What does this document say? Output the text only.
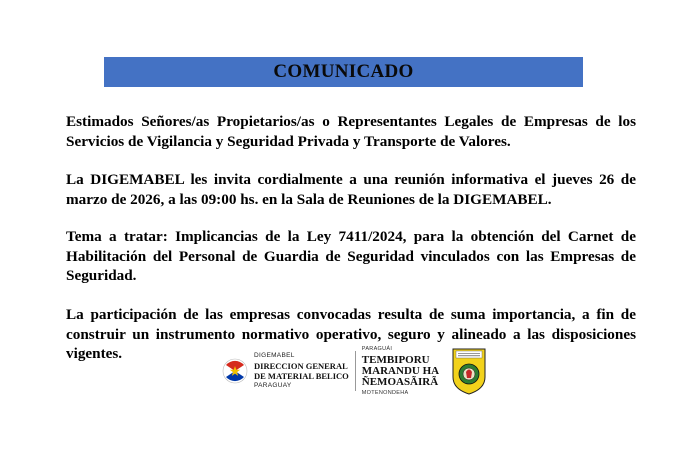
COMUNICADO

Estimados Señores/as Propietarios/as o Representantes Legales de Empresas de los Servicios de Vigilancia y Seguridad Privada y Transporte de Valores.

La DIGEMABEL les invita cordialmente a una reunión informativa el jueves 26 de marzo de 2026, a las 09:00 hs. en la Sala de Reuniones de la DIGEMABEL.

Tema a tratar: Implicancias de la Ley 7411/2024, para la obtención del Carnet de Habilitación del Personal de Guardia de Seguridad vinculados con las Empresas de Seguridad.

La participación de las empresas convocadas resulta de suma importancia, a fin de construir un instrumento normativo operativo, seguro y alineado a las disposiciones vigentes.	DIGEMABEL
DIRECCION GENERAL
DE MATERIAL BELICO
PARAGUAY
PARAGUÁI
TEMBIPORU
MARANDU HA
ÑEMOASÃIRÃ
MOTENONDEHA
